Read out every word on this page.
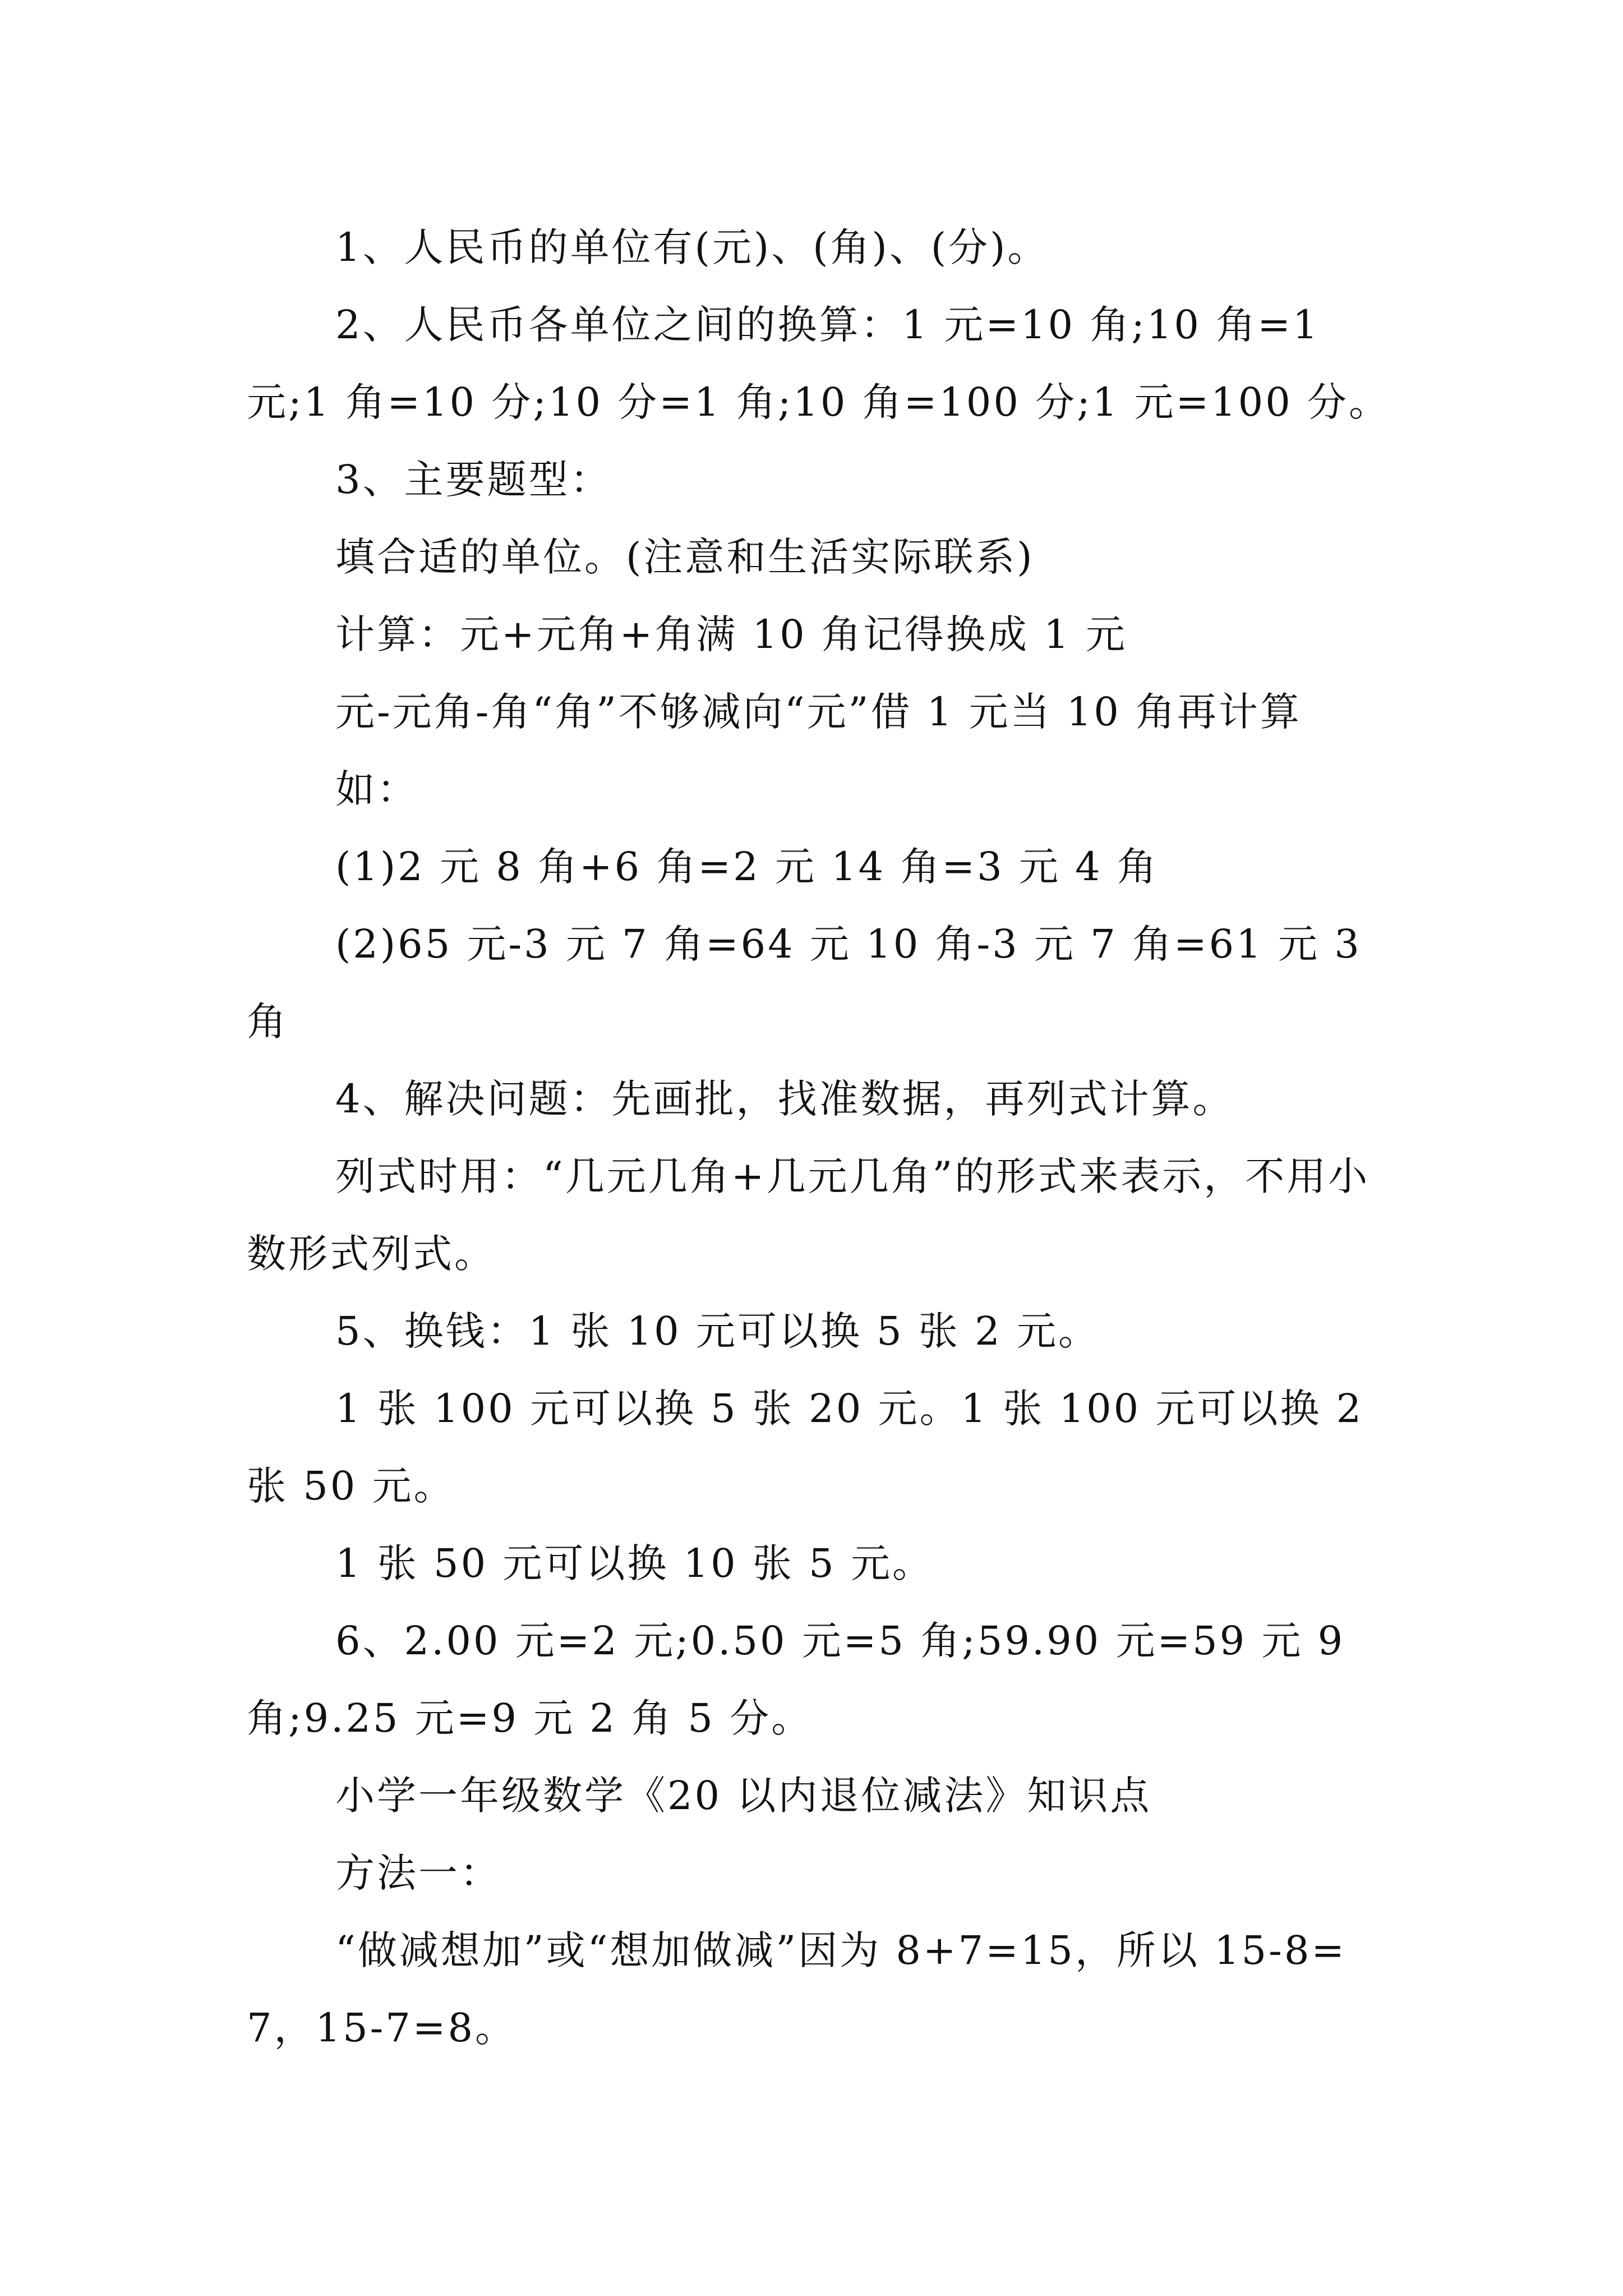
1、人民币的单位有(元)、(角)、(分)。

2、人民币各单位之间的换算：1 元=10 角;10 角=1 元;1 角=10 分;10 分=1 角;10 角=100 分;1 元=100 分。

3、主要题型：

填合适的单位。(注意和生活实际联系)

计算：元+元角+角满 10 角记得换成 1 元

元-元角-角“角”不够减向“元”借 1 元当 10 角再计算

如：

(1)2 元 8 角+6 角=2 元 14 角=3 元 4 角

(2)65 元-3 元 7 角=64 元 10 角-3 元 7 角=61 元 3 角

4、解决问题：先画批，找准数据，再列式计算。

列式时用：“几元几角+几元几角”的形式来表示，不用小数形式列式。

5、换钱：1 张 10 元可以换 5 张 2 元。

1 张 100 元可以换 5 张 20 元。1 张 100 元可以换 2 张 50 元。

1 张 50 元可以换 10 张 5 元。

6、2.00 元=2 元;0.50 元=5 角;59.90 元=59 元 9 角;9.25 元=9 元 2 角 5 分。

小学一年级数学《20 以内退位减法》知识点

方法一：

“做减想加”或“想加做减”因为 8+7=15，所以 15-8=7，15-7=8。
